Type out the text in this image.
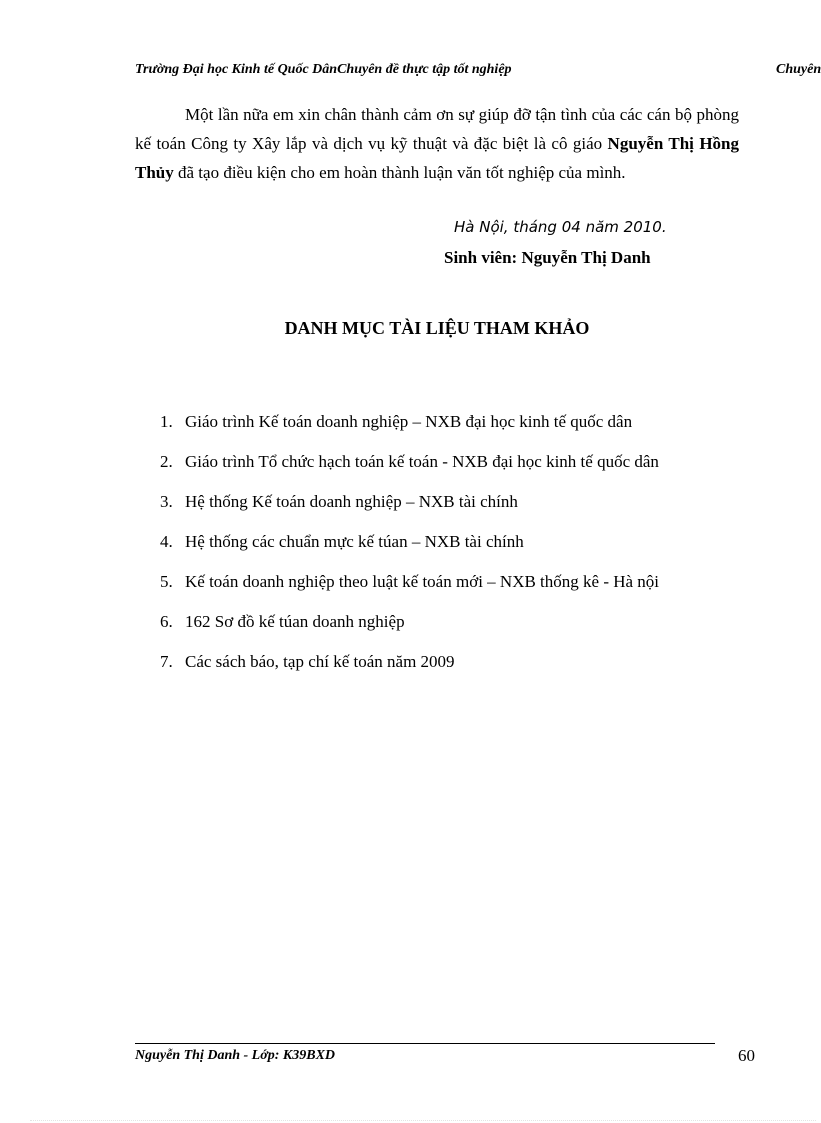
Trường Đại học Kinh tế Quốc DânChuyên đề thực tập tốt nghiệp	Chuyên

Một lần nữa em xin chân thành cảm ơn sự giúp đỡ tận tình của các cán bộ phòng kế toán Công ty Xây lắp và dịch vụ kỹ thuật và đặc biệt là cô giáo Nguyễn Thị Hồng Thủy đã tạo điều kiện cho em hoàn thành luận văn tốt nghiệp của mình.

Hà Nội, tháng 04 năm 2010.
Sinh viên: Nguyễn Thị Danh
DANH MỤC TÀI LIỆU THAM KHẢO
1. Giáo trình Kế toán doanh nghiệp – NXB đại học kinh tế quốc dân
2. Giáo trình Tổ chức hạch toán kế toán - NXB đại học kinh tế quốc dân
3. Hệ thống Kế toán doanh nghiệp – NXB tài chính
4. Hệ thống các chuẩn mực kế túan – NXB tài chính
5. Kế toán doanh nghiệp theo luật kế toán mới – NXB thống kê - Hà nội
6. 162 Sơ đồ kế túan doanh nghiệp
7. Các sách báo, tạp chí kế toán năm 2009
Nguyễn Thị Danh - Lớp: K39BXD	60
